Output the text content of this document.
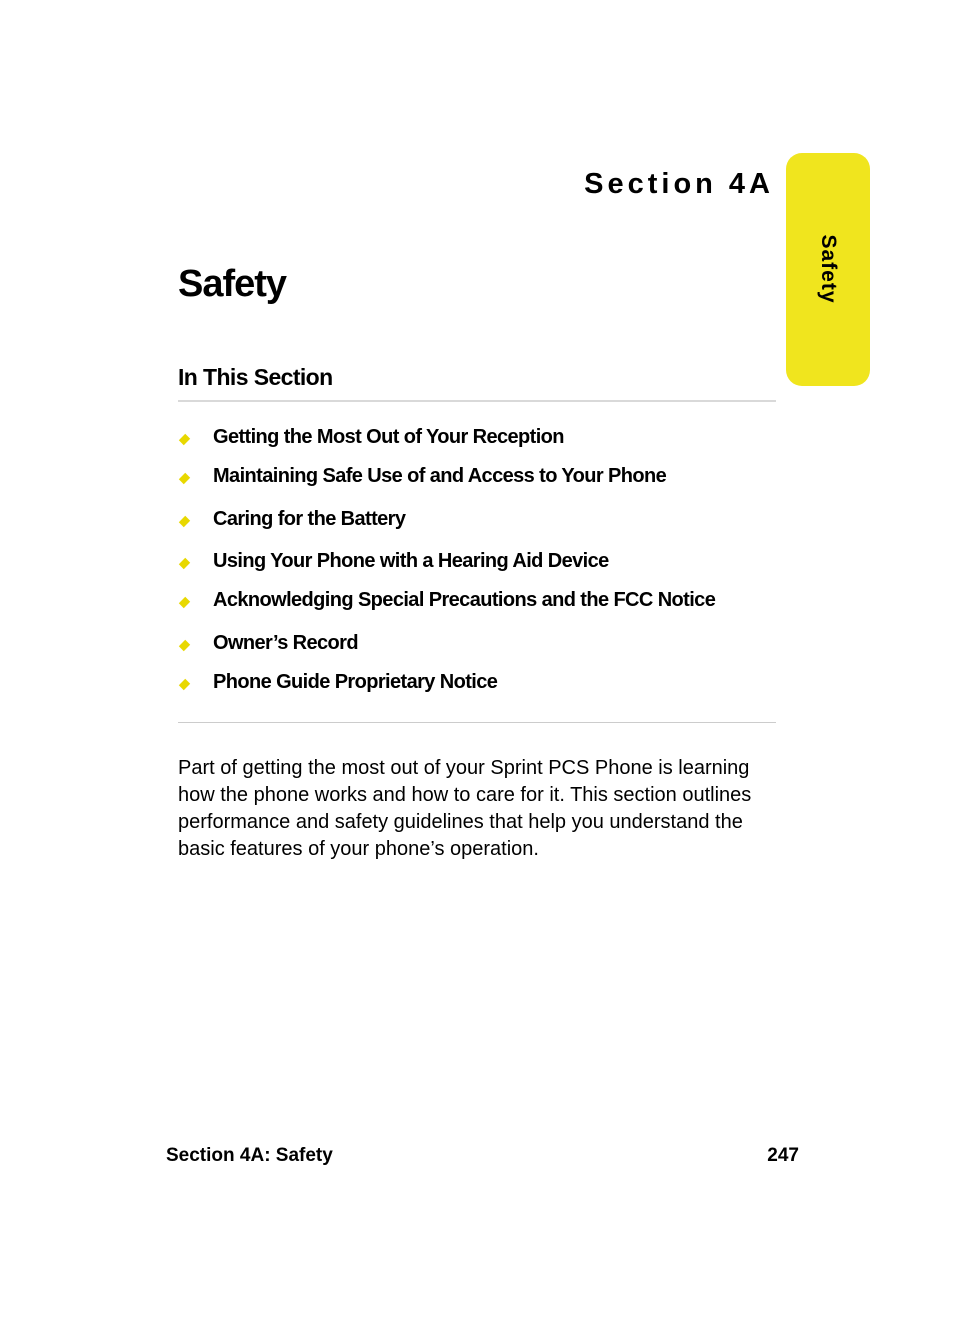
Safety
Section 4A
Safety
In This Section
Getting the Most Out of Your Reception
Maintaining Safe Use of and Access to Your Phone
Caring for the Battery
Using Your Phone with a Hearing Aid Device
Acknowledging Special Precautions and the FCC Notice
Owner’s Record
Phone Guide Proprietary Notice

Part of getting the most out of your Sprint PCS Phone is learning how the phone works and how to care for it. This section outlines performance and safety guidelines that help you understand the basic features of your phone’s operation.

Section 4A: Safety	247
